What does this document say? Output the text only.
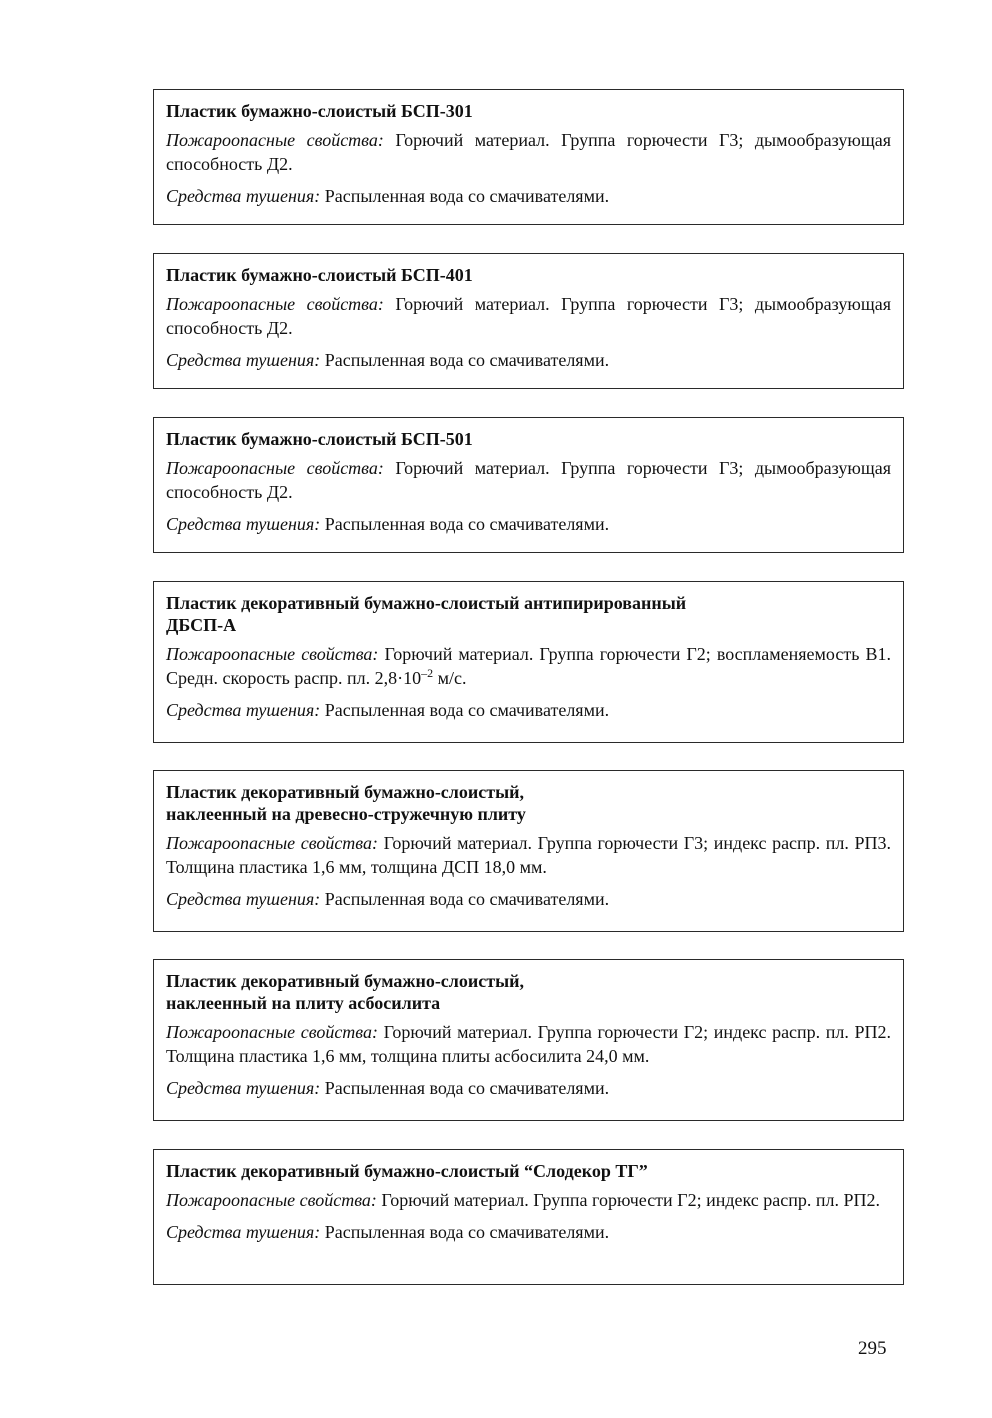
Пластик бумажно-слоистый БСП-301

Пожароопасные свойства: Горючий материал. Группа горючести Г3; дымообразующая способность Д2.

Средства тушения: Распыленная вода со смачивателями.

Пластик бумажно-слоистый БСП-401

Пожароопасные свойства: Горючий материал. Группа горючести Г3; дымообразующая способность Д2.

Средства тушения: Распыленная вода со смачивателями.

Пластик бумажно-слоистый БСП-501

Пожароопасные свойства: Горючий материал. Группа горючести Г3; дымообразующая способность Д2.

Средства тушения: Распыленная вода со смачивателями.

Пластик декоративный бумажно-слоистый антипирированный
ДБСП-А

Пожароопасные свойства: Горючий материал. Группа горючести Г2; воспламеняемость В1. Средн. скорость распр. пл. $2,8\cdot 10^{-2}$ м/с.

Средства тушения: Распыленная вода со смачивателями.

Пластик декоративный бумажно-слоистый,
наклеенный на древесно-стружечную плиту

Пожароопасные свойства: Горючий материал. Группа горючести Г3; индекс распр. пл. РП3. Толщина пластика 1,6 мм, толщина ДСП 18,0 мм.

Средства тушения: Распыленная вода со смачивателями.

Пластик декоративный бумажно-слоистый,
наклеенный на плиту асбосилита

Пожароопасные свойства: Горючий материал. Группа горючести Г2; индекс распр. пл. РП2. Толщина пластика 1,6 мм, толщина плиты асбосилита 24,0 мм.

Средства тушения: Распыленная вода со смачивателями.

Пластик декоративный бумажно-слоистый “Слодекор ТГ”

Пожароопасные свойства: Горючий материал. Группа горючести Г2; индекс распр. пл. РП2.

Средства тушения: Распыленная вода со смачивателями.

295
